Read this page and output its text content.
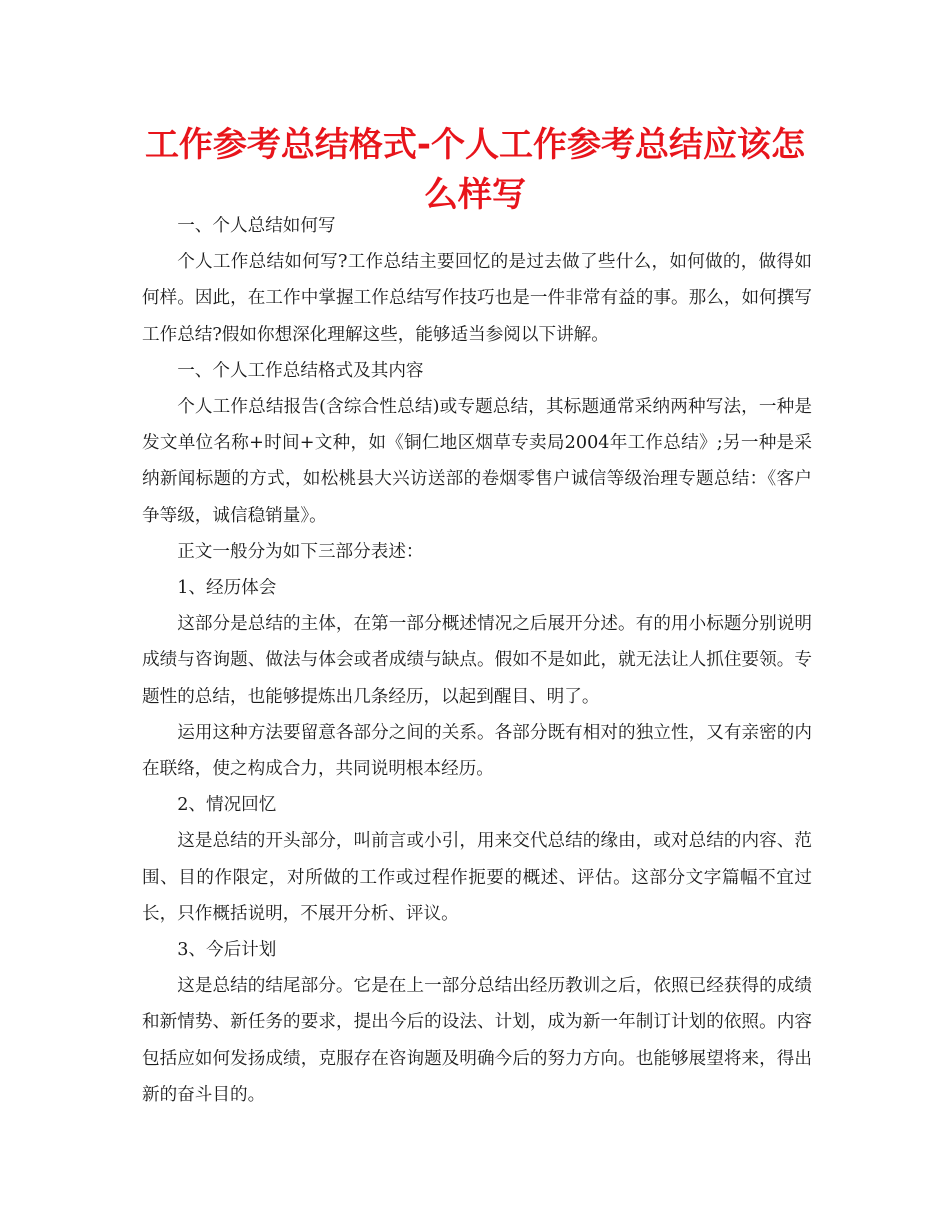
工作参考总结格式-个人工作参考总结应该怎么样写

一、个人总结如何写

个人工作总结如何写?工作总结主要回忆的是过去做了些什么，如何做的，做得如何样。因此，在工作中掌握工作总结写作技巧也是一件非常有益的事。那么，如何撰写工作总结?假如你想深化理解这些，能够适当参阅以下讲解。

一、个人工作总结格式及其内容

个人工作总结报告(含综合性总结)或专题总结，其标题通常采纳两种写法，一种是发文单位名称+时间+文种，如《铜仁地区烟草专卖局2004年工作总结》;另一种是采纳新闻标题的方式，如松桃县大兴访送部的卷烟零售户诚信等级治理专题总结：《客户争等级，诚信稳销量》。

正文一般分为如下三部分表述：

1、经历体会

这部分是总结的主体，在第一部分概述情况之后展开分述。有的用小标题分别说明成绩与咨询题、做法与体会或者成绩与缺点。假如不是如此，就无法让人抓住要领。专题性的总结，也能够提炼出几条经历，以起到醒目、明了。

运用这种方法要留意各部分之间的关系。各部分既有相对的独立性，又有亲密的内在联络，使之构成合力，共同说明根本经历。

2、情况回忆

这是总结的开头部分，叫前言或小引，用来交代总结的缘由，或对总结的内容、范围、目的作限定，对所做的工作或过程作扼要的概述、评估。这部分文字篇幅不宜过长，只作概括说明，不展开分析、评议。

3、今后计划

这是总结的结尾部分。它是在上一部分总结出经历教训之后，依照已经获得的成绩和新情势、新任务的要求，提出今后的设法、计划，成为新一年制订计划的依照。内容包括应如何发扬成绩，克服存在咨询题及明确今后的努力方向。也能够展望将来，得出新的奋斗目的。
